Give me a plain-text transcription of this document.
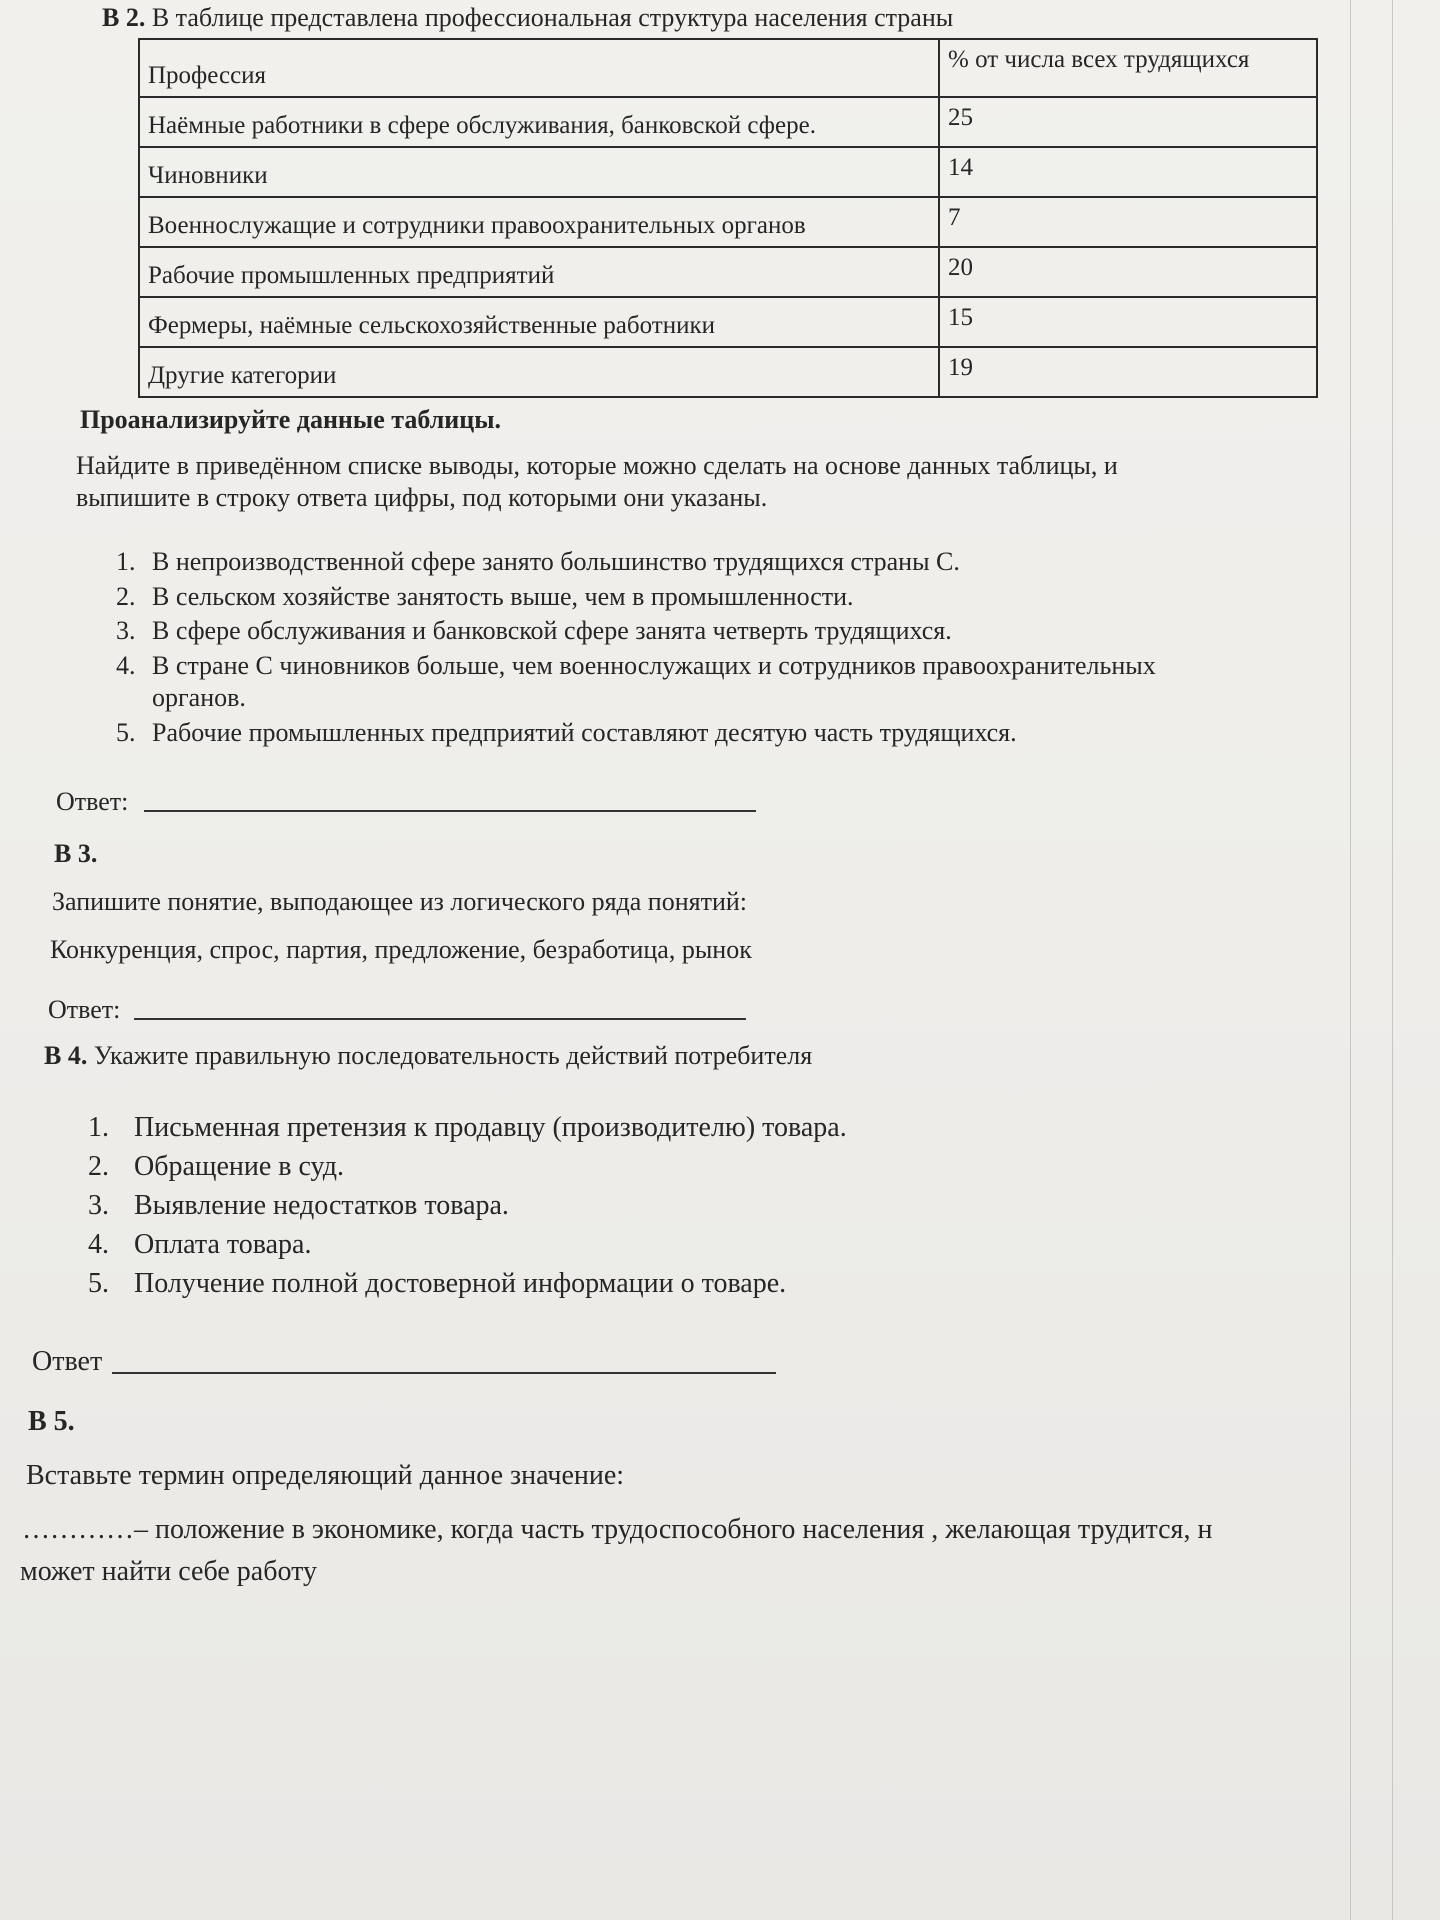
В 2. В таблице представлена профессиональная структура населения страны
Профессия	% от числа всех трудящихся
Наёмные работники в сфере обслуживания, банковской сфере.	25
Чиновники	14
Военнослужащие и сотрудники правоохранительных органов	7
Рабочие промышленных предприятий	20
Фермеры, наёмные сельскохозяйственные работники	15
Другие категории	19
Проанализируйте данные таблицы.
Найдите в приведённом списке выводы, которые можно сделать на основе данных таблицы, и
выпишите в строку ответа цифры, под которыми они указаны.
1. В непроизводственной сфере занято большинство трудящихся страны С.
2. В сельском хозяйстве занятость выше, чем в промышленности.
3. В сфере обслуживания и банковской сфере занята четверть трудящихся.
4. В стране С чиновников больше, чем военнослужащих и сотрудников правоохранительных
органов.
5. Рабочие промышленных предприятий составляют десятую часть трудящихся.
Ответ:
В 3.
Запишите понятие, выподающее из логического ряда понятий:
Конкуренция, спрос, партия, предложение, безработица, рынок
Ответ:
В 4. Укажите правильную последовательность действий потребителя
1. Письменная претензия к продавцу (производителю) товара.
2. Обращение в суд.
3. Выявление недостатков товара.
4. Оплата товара.
5. Получение полной достоверной информации о товаре.
Ответ
В 5.
Вставьте термин определяющий данное значение:
…………– положение в экономике, когда часть трудоспособного населения , желающая трудится, н
может найти себе работу
